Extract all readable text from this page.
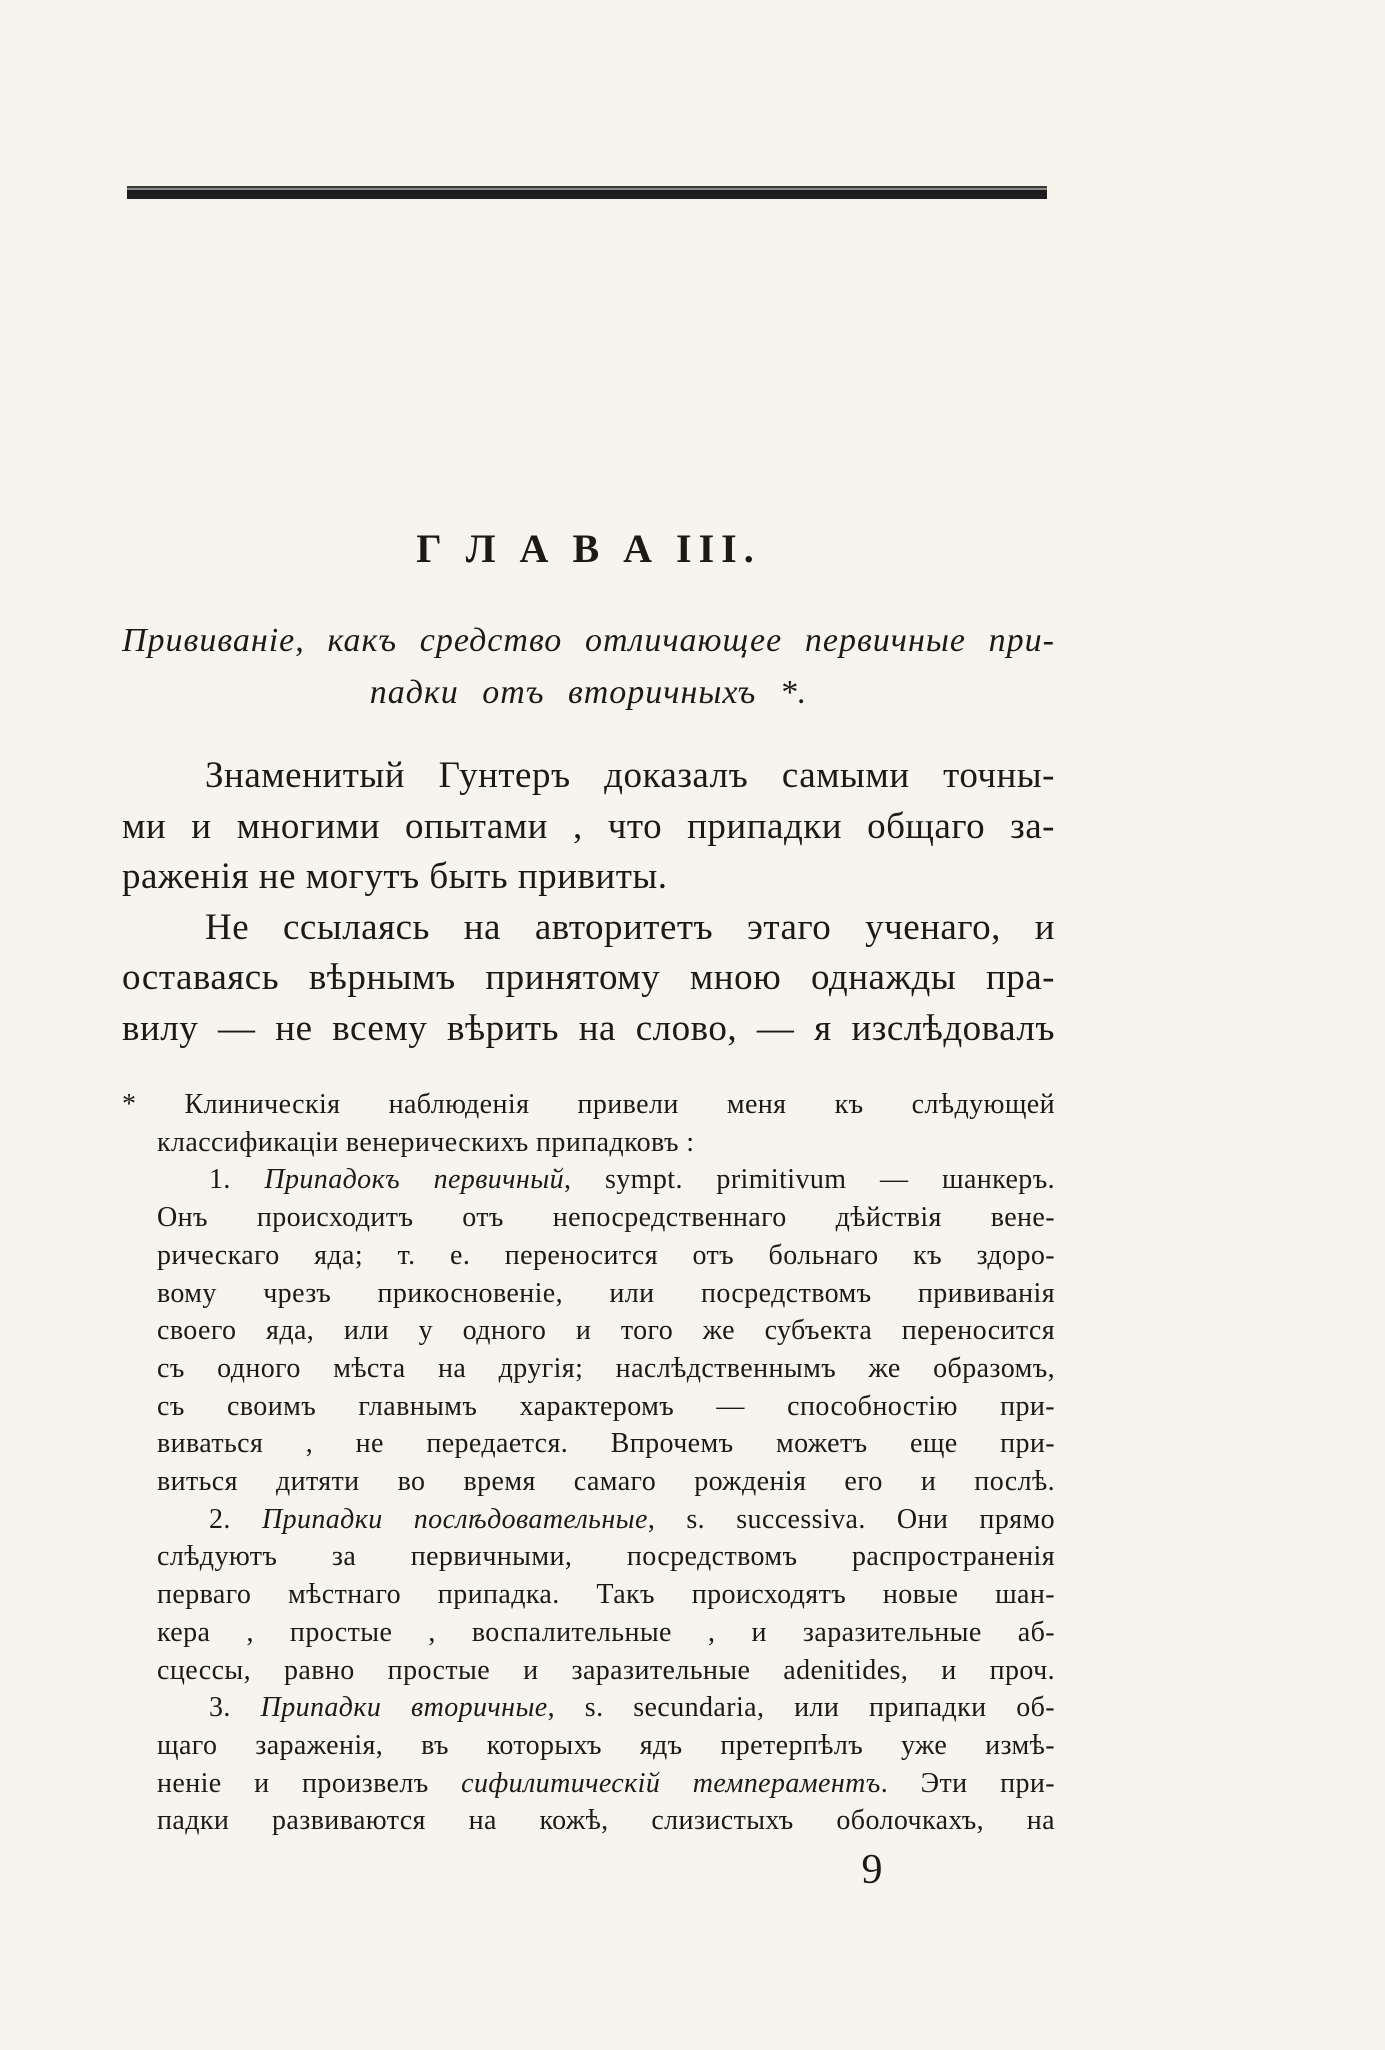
Г Л А В А III.
Прививаніе, какъ средство отличающее первичные при-
падки отъ вторичныхъ *.
Знаменитый Гунтеръ доказалъ самыми точны-
ми и многими опытами , что припадки общаго за-
раженія не могутъ быть привиты.
Не ссылаясь на авторитетъ этаго ученаго, и
оставаясь вѣрнымъ принятому мною однажды пра-
вилу — не всему вѣрить на слово, — я изслѣдовалъ
* Клиническія наблюденія привели меня къ слѣдующей
классификаціи венерическихъ припадковъ :
1. Припадокъ первичный, sympt. primitivum — шанкеръ.
Онъ происходитъ отъ непосредственнаго дѣйствія вене-
рическаго яда; т. е. переносится отъ больнаго къ здоро-
вому чрезъ прикосновеніе, или посредствомъ прививанія
своего яда, или у одного и того же субъекта переносится
съ одного мѣста на другія; наслѣдственнымъ же образомъ,
съ своимъ главнымъ характеромъ — способностію при-
виваться , не передается. Впрочемъ можетъ еще при-
виться дитяти во время самаго рожденія его и послѣ.
2. Припадки послѣдовательные, s. successiva. Они прямо
слѣдуютъ за первичными, посредствомъ распространенія
перваго мѣстнаго припадка. Такъ происходятъ новые шан-
кера , простые , воспалительные , и заразительные аб-
сцессы, равно простые и заразительные adenitides, и проч.
3. Припадки вторичные, s. secundaria, или припадки об-
щаго зараженія, въ которыхъ ядъ претерпѣлъ уже измѣ-
неніе и произвелъ сифилитическій темпераментъ. Эти при-
падки развиваются на кожѣ, слизистыхъ оболочкахъ, на
9
